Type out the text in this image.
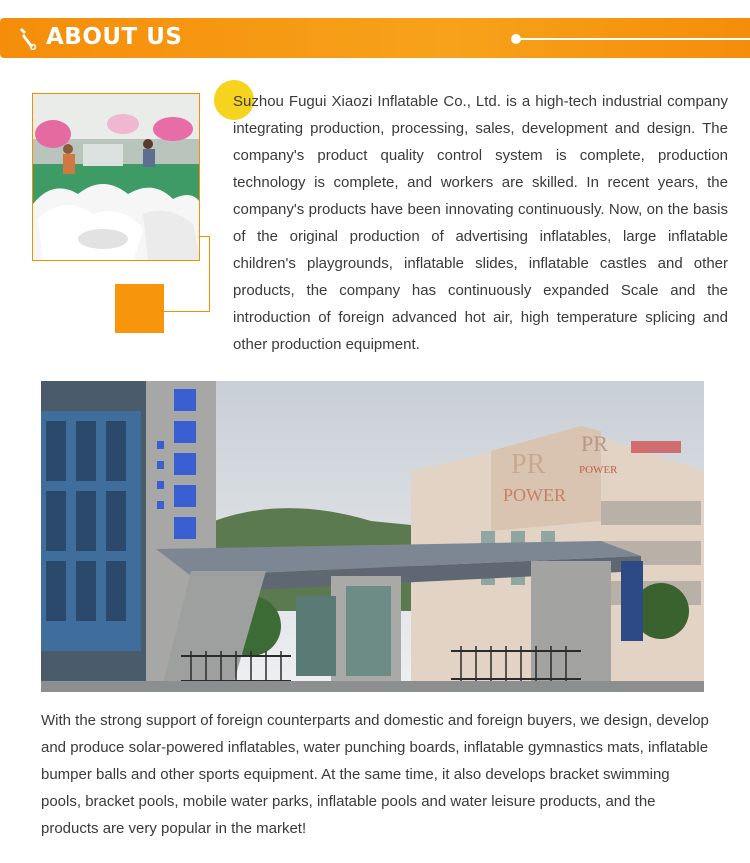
ABOUT US
Suzhou Fugui Xiaozi Inflatable Co., Ltd. is a high-tech industrial company integrating production, processing, sales, development and design. The company's product quality control system is complete, production technology is complete, and workers are skilled. In recent years, the company's products have been innovating continuously. Now, on the basis of the original production of advertising inflatables, large inflatable children's playgrounds, inflatable slides, inflatable castles and other products, the company has continuously expanded Scale and the introduction of foreign advanced hot air, high temperature splicing and other production equipment.
PR
POWER
PR
POWER
With the strong support of foreign counterparts and domestic and foreign buyers, we design, develop and produce solar-powered inflatables, water punching boards, inflatable gymnastics mats, inflatable bumper balls and other sports equipment. At the same time, it also develops bracket swimming pools, bracket pools, mobile water parks, inflatable pools and water leisure products, and the products are very popular in the market!
